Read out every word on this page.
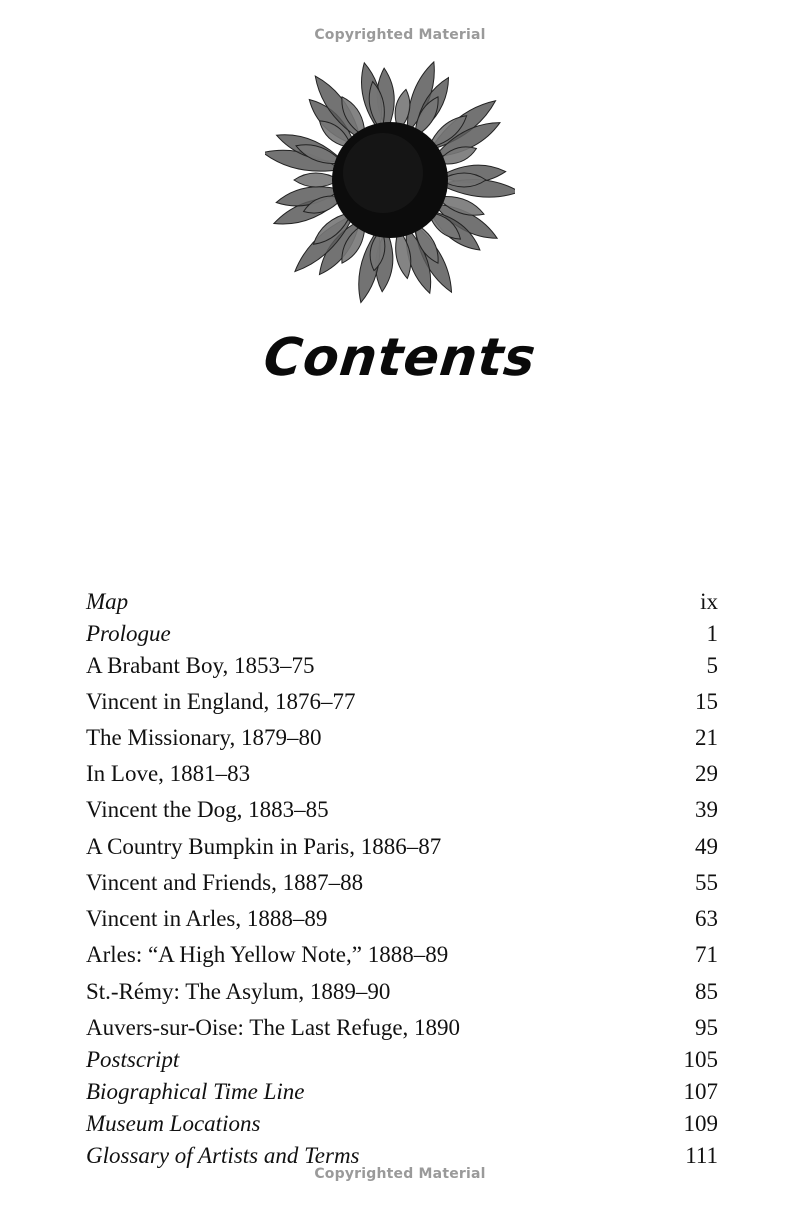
Copyrighted Material
Contents
Map	ix
Prologue	1
A Brabant Boy, 1853–75	5
Vincent in England, 1876–77	15
The Missionary, 1879–80	21
In Love, 1881–83	29
Vincent the Dog, 1883–85	39
A Country Bumpkin in Paris, 1886–87	49
Vincent and Friends, 1887–88	55
Vincent in Arles, 1888–89	63
Arles: “A High Yellow Note,” 1888–89	71
St.-Rémy: The Asylum, 1889–90	85
Auvers-sur-Oise: The Last Refuge, 1890	95
Postscript	105
Biographical Time Line	107
Museum Locations	109
Glossary of Artists and Terms	111
Copyrighted Material
